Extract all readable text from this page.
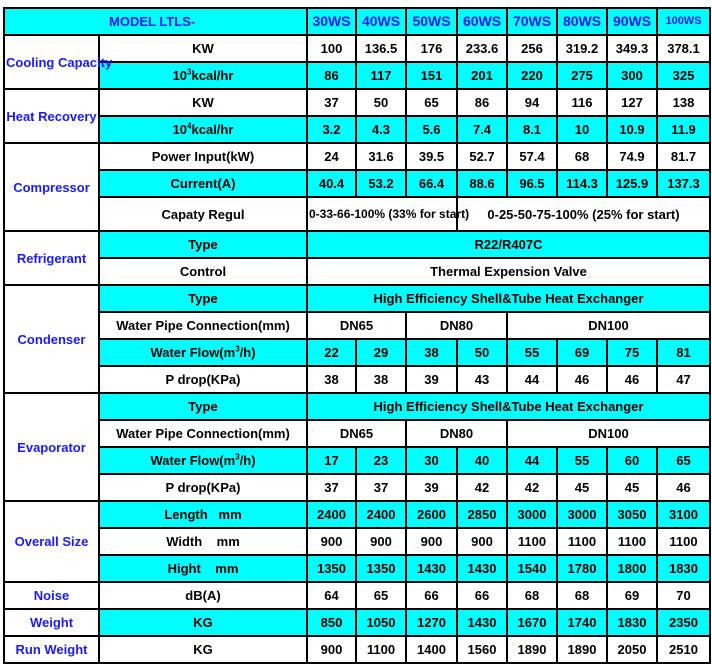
MODEL LTLS-		30WS	40WS	50WS	60WS	70WS	80WS	90WS	100WS
Cooling Capacity	KW	100	136.5	176	233.6	256	319.2	349.3	378.1
	$10^3kcal/hr$	86	117	151	201	220	275	300	325
Heat Recovery	KW	37	50	65	86	94	116	127	138
	$10^4kcal/hr$	3.2	4.3	5.6	7.4	8.1	10	10.9	11.9
Compressor	Power Input(kW)	24	31.6	39.5	52.7	57.4	68	74.9	81.7
	Current(A)	40.4	53.2	66.4	88.6	96.5	114.3	125.9	137.3
	Capaty Regul	0-33-66-100% (33% for start)			0-25-50-75-100% (25% for start)				
Refrigerant	Type	R22/R407C							
	Control	Thermal Expension Valve							
Condenser	Type	High Efficiency Shell&Tube Heat Exchanger							
	Water Pipe Connection(mm)	DN65		DN80		DN100			
	Water $Flow(m^3/h)$	22	29	38	50	55	69	75	81
	P drop(KPa)	38	38	39	43	44	46	46	47
Evaporator	Type	High Efficiency Shell&Tube Heat Exchanger							
	Water Pipe Connection(mm)	DN65		DN80		DN100			
	Water $Flow(m^3/h)$	17	23	30	40	44	55	60	65
	P drop(KPa)	37	37	39	42	42	45	45	46
Overall Size	Length   mm	2400	2400	2600	2850	3000	3000	3050	3100
	Width    mm	900	900	900	900	1100	1100	1100	1100
	Hight    mm	1350	1350	1430	1430	1540	1780	1800	1830
Noise	dB(A)	64	65	66	66	68	68	69	70
Weight	KG	850	1050	1270	1430	1670	1740	1830	2350
Run Weight	KG	900	1100	1400	1560	1890	1890	2050	2510
